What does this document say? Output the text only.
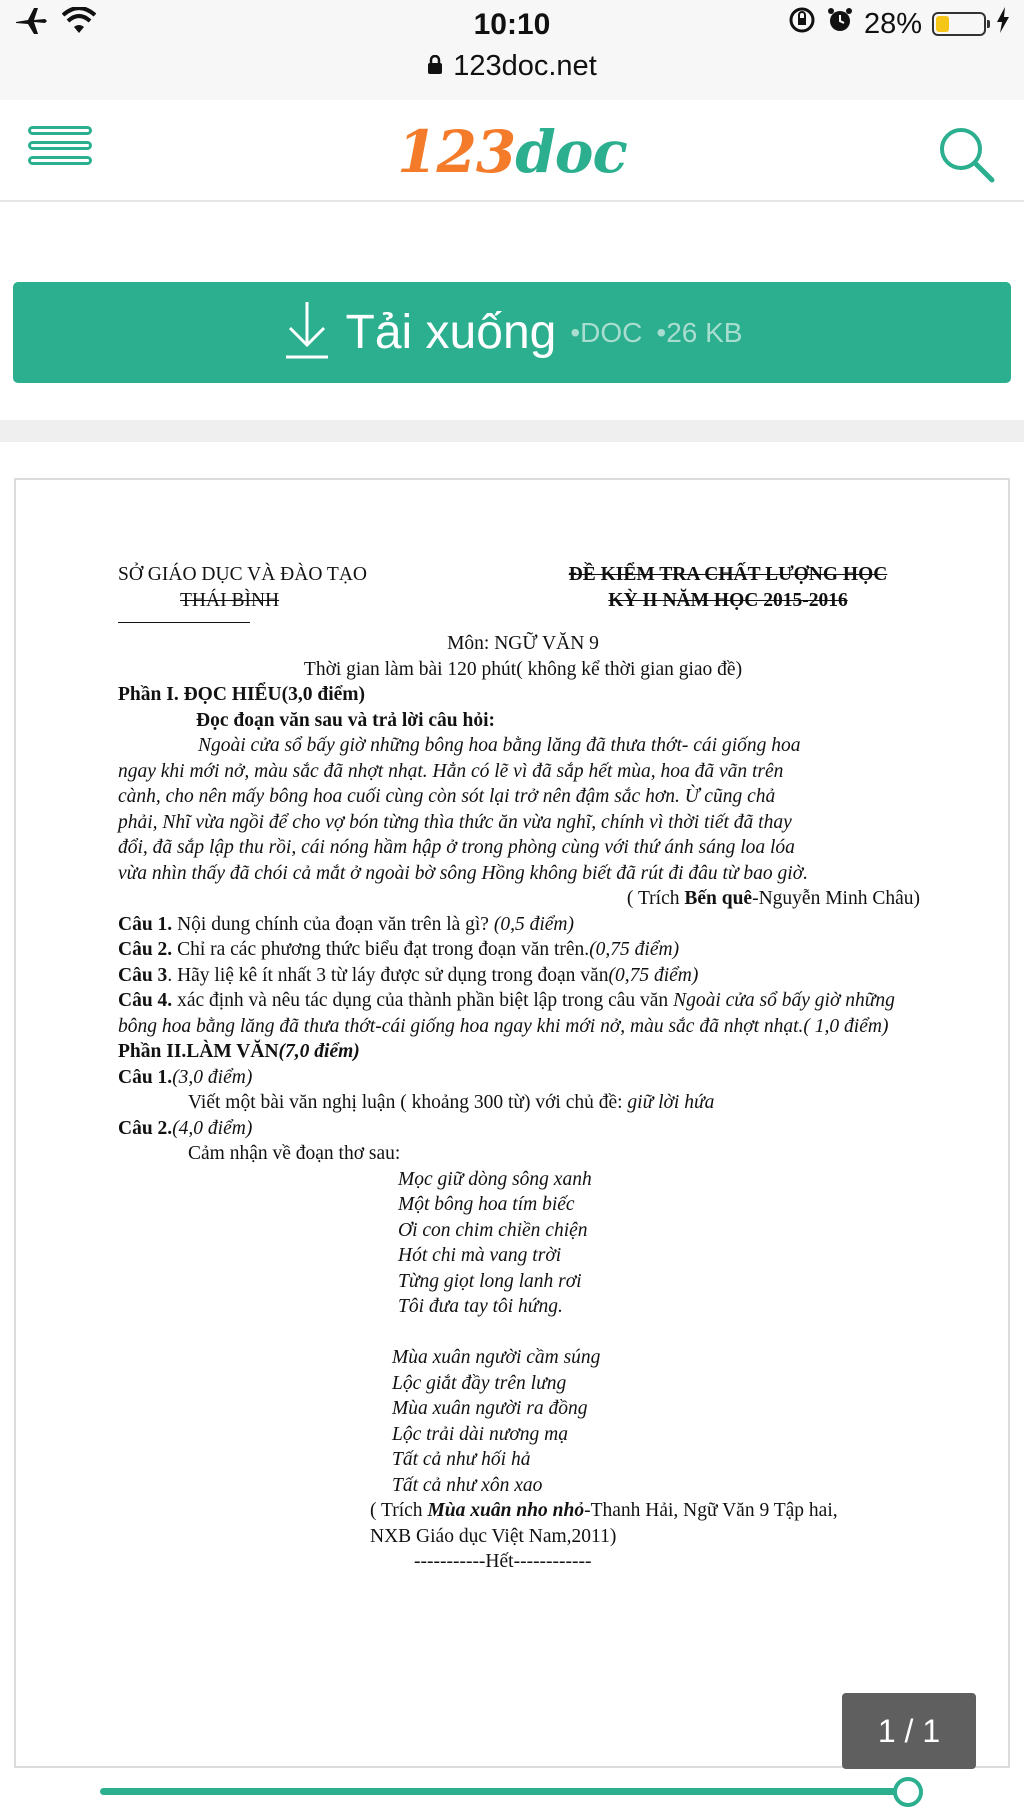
10:10	28%
123doc.net
123doc
Tải xuống •DOC •26 KB

SỞ GIÁO DỤC VÀ ĐÀO TẠO

THÁI BÌNH

ĐỀ KIỂM TRA CHẤT LƯỢNG HỌC

KỲ II NĂM HỌC 2015-2016

Môn: NGỮ VĂN 9

Thời gian làm bài 120 phút( không kể thời gian giao đề)

Phần I. ĐỌC HIỂU(3,0 điểm)

Đọc đoạn văn sau và trả lời câu hỏi:

Ngoài cửa sổ bấy giờ những bông hoa bằng lăng đã thưa thớt- cái giống hoa

ngay khi mới nở, màu sắc đã nhợt nhạt. Hẳn có lẽ vì đã sắp hết mùa, hoa đã vãn trên

cành, cho nên mấy bông hoa cuối cùng còn sót lại trở nên đậm sắc hơn. Ừ cũng chả

phải, Nhĩ vừa ngồi để cho vợ bón từng thìa thức ăn vừa nghĩ, chính vì thời tiết đã thay

đổi, đã sắp lập thu rồi, cái nóng hầm hập ở trong phòng cùng với thứ ánh sáng loa lóa

vừa nhìn thấy đã chói cả mắt ở ngoài bờ sông Hồng không biết đã rút đi đâu từ bao giờ.

( Trích Bến quê-Nguyễn Minh Châu)

Câu 1. Nội dung chính của đoạn văn trên là gì? (0,5 điểm)

Câu 2. Chỉ ra các phương thức biểu đạt trong đoạn văn trên.(0,75 điểm)

Câu 3. Hãy liệ kê ít nhất 3 từ láy được sử dụng trong đoạn văn(0,75 điểm)

Câu 4. xác định và nêu tác dụng của thành phần biệt lập trong câu văn Ngoài cửa sổ bấy giờ những bông hoa bằng lăng đã thưa thớt-cái giống hoa ngay khi mới nở, màu sắc đã nhợt nhạt.( 1,0 điểm)

Phần II.LÀM VĂN(7,0 điểm)

Câu 1.(3,0 điểm)

Viết một bài văn nghị luận ( khoảng 300 từ) với chủ đề: giữ lời hứa

Câu 2.(4,0 điểm)

Cảm nhận về đoạn thơ sau:

Mọc giữ dòng sông xanh

Một bông hoa tím biếc

Ơi con chim chiền chiện

Hót chi mà vang trời

Từng giọt long lanh rơi

Tôi đưa tay tôi hứng.

Mùa xuân người cầm súng

Lộc giắt đầy trên lưng

Mùa xuân người ra đồng

Lộc trải dài nương mạ

Tất cả như hối hả

Tất cả như xôn xao

( Trích Mùa xuân nho nhỏ-Thanh Hải, Ngữ Văn 9 Tập hai,

NXB Giáo dục Việt Nam,2011)

-----------Hết------------

1 / 1
